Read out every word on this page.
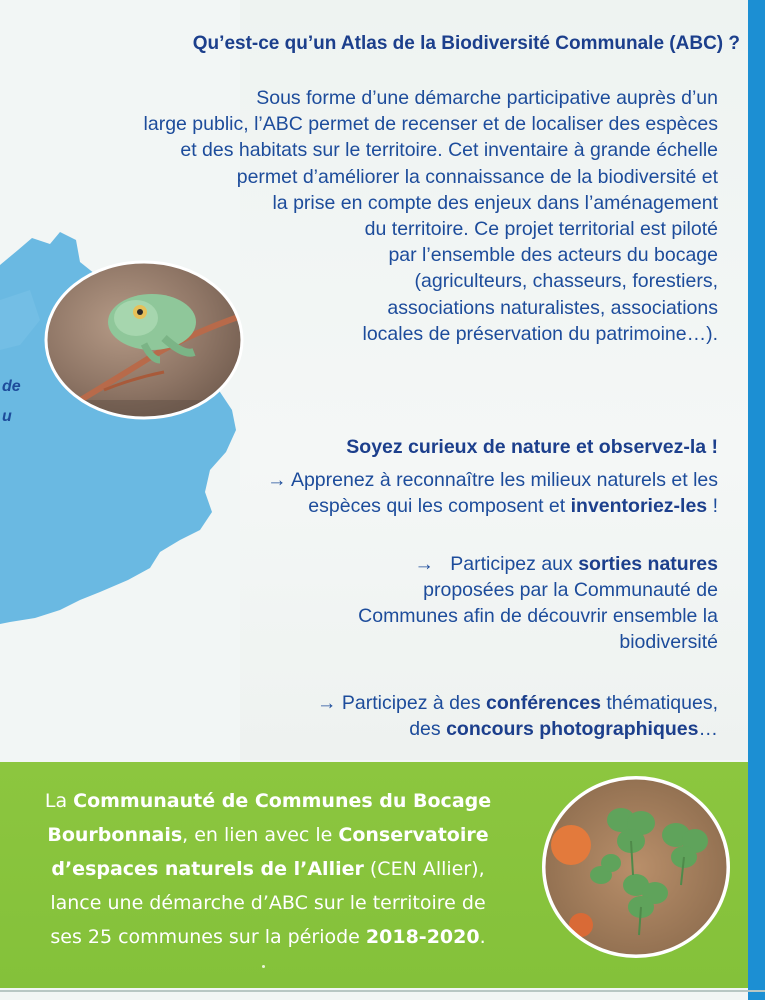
de
u
Qu’est-ce qu’un Atlas de la Biodiversité Communale (ABC) ?
Sous forme d’une démarche participative auprès d’un
large public, l’ABC permet de recenser et de localiser des espèces
et des habitats sur le territoire. Cet inventaire à grande échelle
permet d’améliorer la connaissance de la biodiversité et
la prise en compte des enjeux dans l’aménagement
du territoire. Ce projet territorial est piloté
par l’ensemble des acteurs du bocage
(agriculteurs, chasseurs, forestiers,
associations naturalistes, associations
locales de préservation du patrimoine…).
Soyez curieux de nature et observez-la !
→ Apprenez à reconnaître les milieux naturels et les
espèces qui les composent et inventoriez-les !
→ Participez aux sorties natures
proposées par la Communauté de
Communes afin de découvrir ensemble la
biodiversité
→ Participez à des conférences thématiques,
des concours photographiques…
La Communauté de Communes du Bocage
Bourbonnais, en lien avec le Conservatoire
d’espaces naturels de l’Allier (CEN Allier),
lance une démarche d’ABC sur le territoire de
ses 25 communes sur la période 2018-2020.
